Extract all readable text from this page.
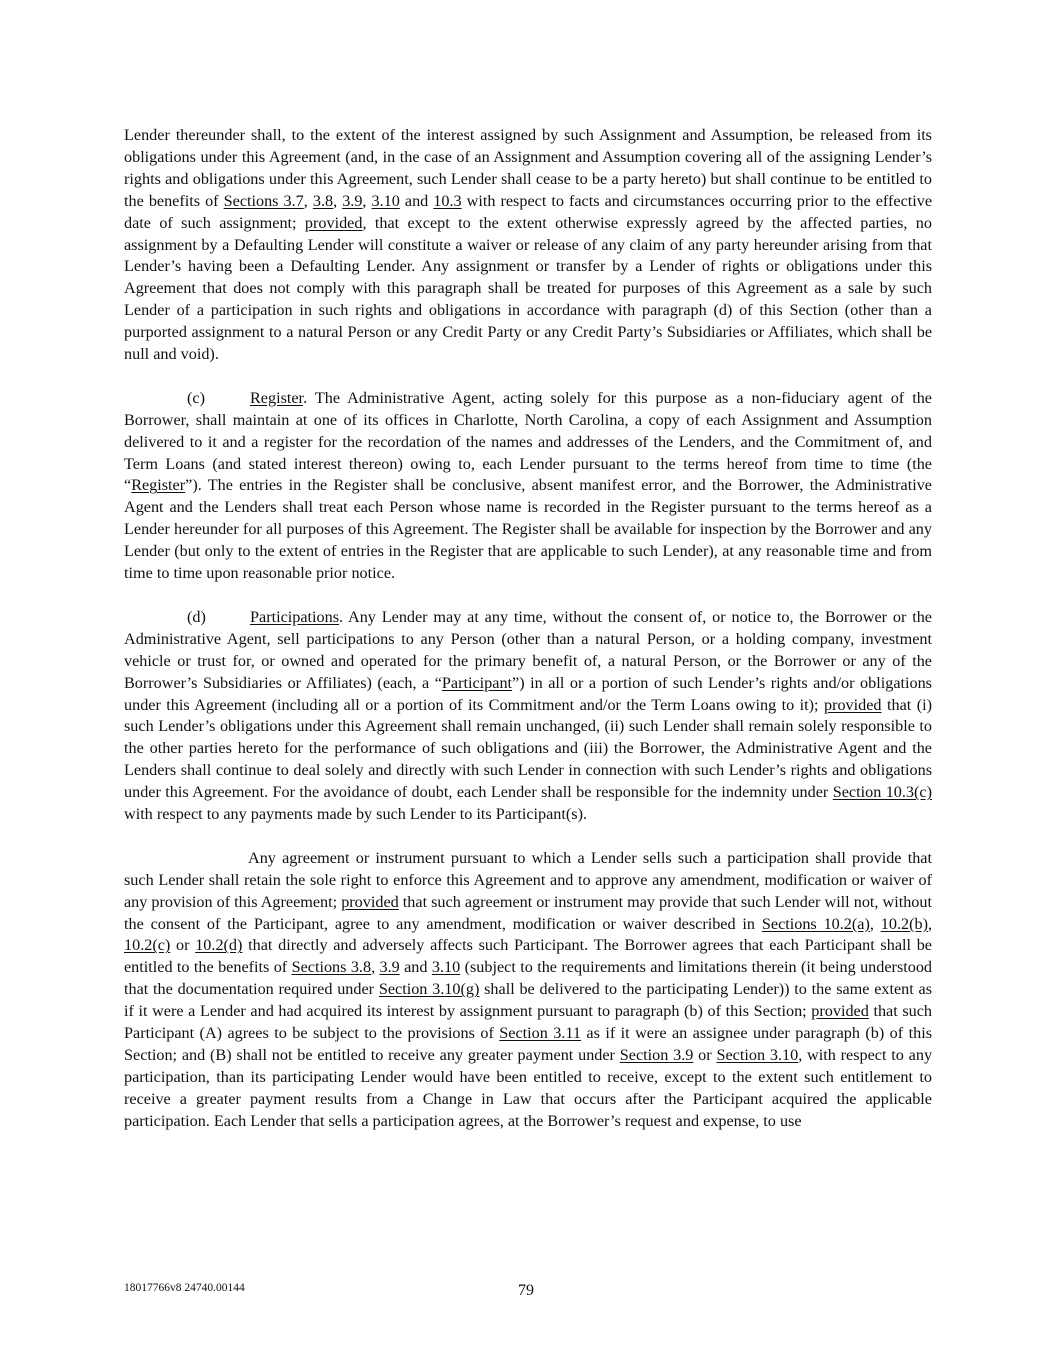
Lender thereunder shall, to the extent of the interest assigned by such Assignment and Assumption, be released from its obligations under this Agreement (and, in the case of an Assignment and Assumption covering all of the assigning Lender’s rights and obligations under this Agreement, such Lender shall cease to be a party hereto) but shall continue to be entitled to the benefits of Sections 3.7, 3.8, 3.9, 3.10 and 10.3 with respect to facts and circumstances occurring prior to the effective date of such assignment; provided, that except to the extent otherwise expressly agreed by the affected parties, no assignment by a Defaulting Lender will constitute a waiver or release of any claim of any party hereunder arising from that Lender’s having been a Defaulting Lender. Any assignment or transfer by a Lender of rights or obligations under this Agreement that does not comply with this paragraph shall be treated for purposes of this Agreement as a sale by such Lender of a participation in such rights and obligations in accordance with paragraph (d) of this Section (other than a purported assignment to a natural Person or any Credit Party or any Credit Party’s Subsidiaries or Affiliates, which shall be null and void).

(c)	Register. The Administrative Agent, acting solely for this purpose as a non-fiduciary agent of the Borrower, shall maintain at one of its offices in Charlotte, North Carolina, a copy of each Assignment and Assumption delivered to it and a register for the recordation of the names and addresses of the Lenders, and the Commitment of, and Term Loans (and stated interest thereon) owing to, each Lender pursuant to the terms hereof from time to time (the “Register”). The entries in the Register shall be conclusive, absent manifest error, and the Borrower, the Administrative Agent and the Lenders shall treat each Person whose name is recorded in the Register pursuant to the terms hereof as a Lender hereunder for all purposes of this Agreement. The Register shall be available for inspection by the Borrower and any Lender (but only to the extent of entries in the Register that are applicable to such Lender), at any reasonable time and from time to time upon reasonable prior notice.

(d)	Participations. Any Lender may at any time, without the consent of, or notice to, the Borrower or the Administrative Agent, sell participations to any Person (other than a natural Person, or a holding company, investment vehicle or trust for, or owned and operated for the primary benefit of, a natural Person, or the Borrower or any of the Borrower’s Subsidiaries or Affiliates) (each, a “Participant”) in all or a portion of such Lender’s rights and/or obligations under this Agreement (including all or a portion of its Commitment and/or the Term Loans owing to it); provided that (i) such Lender’s obligations under this Agreement shall remain unchanged, (ii) such Lender shall remain solely responsible to the other parties hereto for the performance of such obligations and (iii) the Borrower, the Administrative Agent and the Lenders shall continue to deal solely and directly with such Lender in connection with such Lender’s rights and obligations under this Agreement. For the avoidance of doubt, each Lender shall be responsible for the indemnity under Section 10.3(c) with respect to any payments made by such Lender to its Participant(s).

Any agreement or instrument pursuant to which a Lender sells such a participation shall provide that such Lender shall retain the sole right to enforce this Agreement and to approve any amendment, modification or waiver of any provision of this Agreement; provided that such agreement or instrument may provide that such Lender will not, without the consent of the Participant, agree to any amendment, modification or waiver described in Sections 10.2(a), 10.2(b), 10.2(c) or 10.2(d) that directly and adversely affects such Participant. The Borrower agrees that each Participant shall be entitled to the benefits of Sections 3.8, 3.9 and 3.10 (subject to the requirements and limitations therein (it being understood that the documentation required under Section 3.10(g) shall be delivered to the participating Lender)) to the same extent as if it were a Lender and had acquired its interest by assignment pursuant to paragraph (b) of this Section; provided that such Participant (A) agrees to be subject to the provisions of Section 3.11 as if it were an assignee under paragraph (b) of this Section; and (B) shall not be entitled to receive any greater payment under Section 3.9 or Section 3.10, with respect to any participation, than its participating Lender would have been entitled to receive, except to the extent such entitlement to receive a greater payment results from a Change in Law that occurs after the Participant acquired the applicable participation. Each Lender that sells a participation agrees, at the Borrower’s request and expense, to use

18017766v8 24740.00144	79
